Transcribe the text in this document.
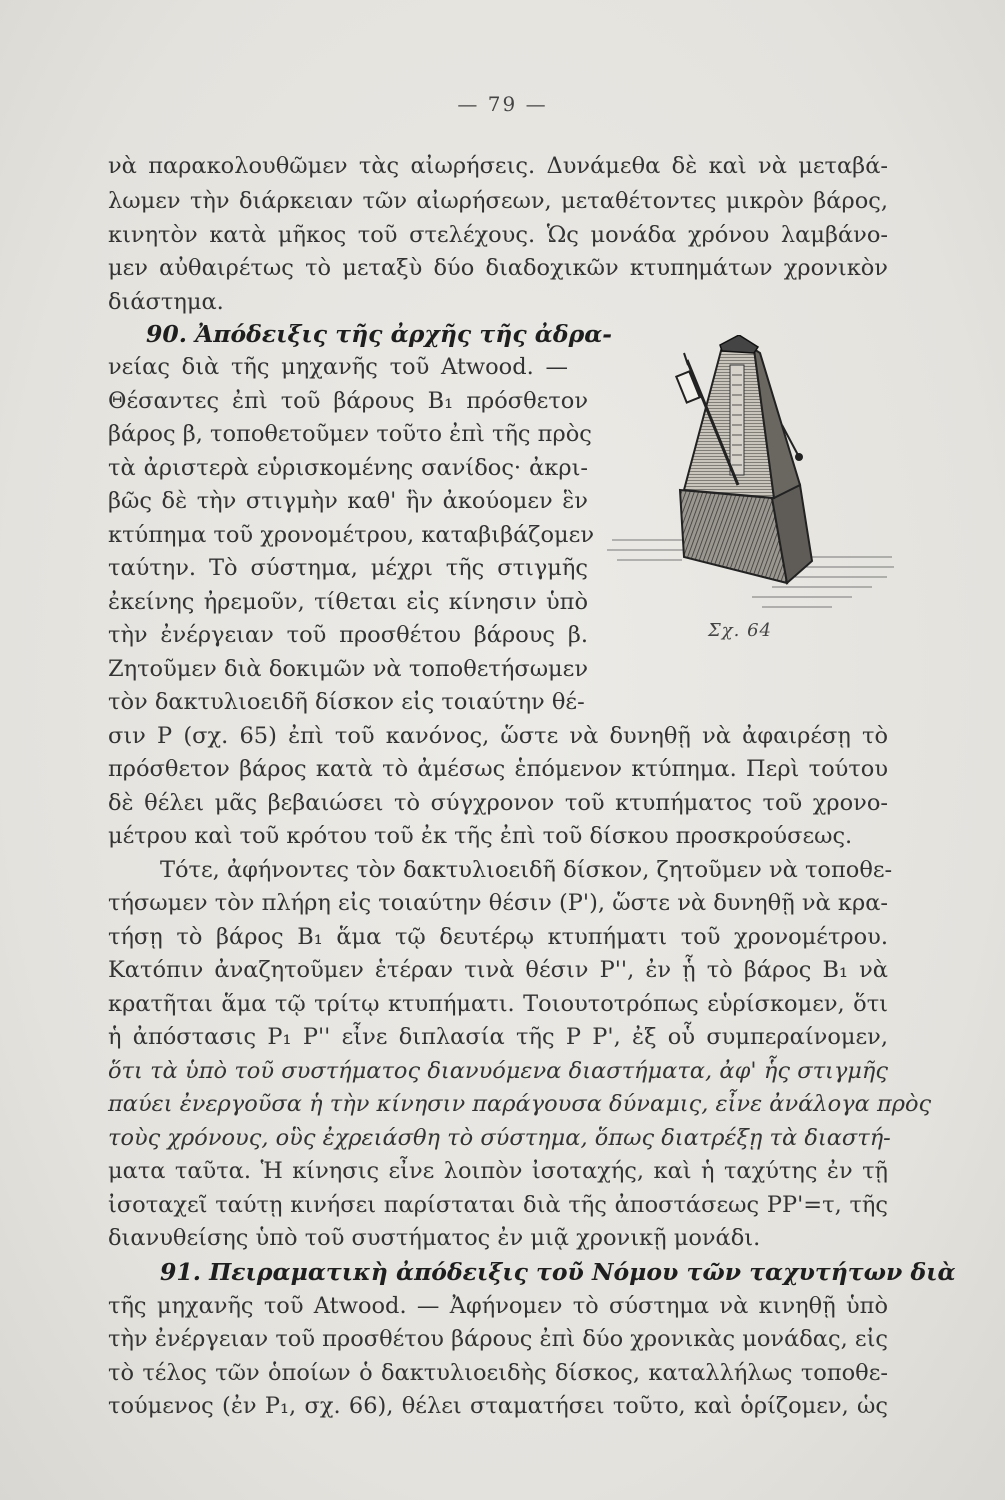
— 79 —
νὰ παρακολουθῶμεν τὰς αἰωρήσεις. Δυνάμεθα δὲ καὶ νὰ μεταβά-
λωμεν τὴν διάρκειαν τῶν αἰωρήσεων, μεταθέτοντες μικρὸν βάρος,
κινητὸν κατὰ μῆκος τοῦ στελέχους. Ὡς μονάδα χρόνου λαμβάνο-
μεν αὐθαιρέτως τὸ μεταξὺ δύο διαδοχικῶν κτυπημάτων χρονικὸν
διάστημα.
90. Ἀπόδειξις τῆς ἀρχῆς τῆς ἀδρα-
νείας διὰ τῆς μηχανῆς τοῦ Atwood. —
Θέσαντες ἐπὶ τοῦ βάρους B₁ πρόσθετον
βάρος β, τοποθετοῦμεν τοῦτο ἐπὶ τῆς πρὸς
τὰ ἀριστερὰ εὑρισκομένης σανίδος· ἀκρι-
βῶς δὲ τὴν στιγμὴν καθ' ἣν ἀκούομεν ἓν
κτύπημα τοῦ χρονομέτρου, καταβιβάζομεν
ταύτην. Τὸ σύστημα, μέχρι τῆς στιγμῆς
ἐκείνης ἠρεμοῦν, τίθεται εἰς κίνησιν ὑπὸ
τὴν ἐνέργειαν τοῦ προσθέτου βάρους β.
Ζητοῦμεν διὰ δοκιμῶν νὰ τοποθετήσωμεν
τὸν δακτυλιοειδῆ δίσκον εἰς τοιαύτην θέ-
σιν P (σχ. 65) ἐπὶ τοῦ κανόνος, ὥστε νὰ δυνηθῇ νὰ ἀφαιρέσῃ τὸ
πρόσθετον βάρος κατὰ τὸ ἀμέσως ἑπόμενον κτύπημα. Περὶ τούτου
δὲ θέλει μᾶς βεβαιώσει τὸ σύγχρονον τοῦ κτυπήματος τοῦ χρονο-
μέτρου καὶ τοῦ κρότου τοῦ ἐκ τῆς ἐπὶ τοῦ δίσκου προσκρούσεως.
Τότε, ἀφήνοντες τὸν δακτυλιοειδῆ δίσκον, ζητοῦμεν νὰ τοποθε-
τήσωμεν τὸν πλήρη εἰς τοιαύτην θέσιν (P'), ὥστε νὰ δυνηθῇ νὰ κρα-
τήσῃ τὸ βάρος B₁ ἅμα τῷ δευτέρῳ κτυπήματι τοῦ χρονομέτρου.
Κατόπιν ἀναζητοῦμεν ἑτέραν τινὰ θέσιν P'', ἐν ᾗ τὸ βάρος B₁ νὰ
κρατῆται ἅμα τῷ τρίτῳ κτυπήματι. Τοιουτοτρόπως εὑρίσκομεν, ὅτι
ἡ ἀπόστασις P₁ P'' εἶνε διπλασία τῆς P P', ἐξ οὗ συμπεραίνομεν,
ὅτι τὰ ὑπὸ τοῦ συστήματος διανυόμενα διαστήματα, ἀφ' ἧς στιγμῆς
παύει ἐνεργοῦσα ἡ τὴν κίνησιν παράγουσα δύναμις, εἶνε ἀνάλογα πρὸς
τοὺς χρόνους, οὓς ἐχρειάσθη τὸ σύστημα, ὅπως διατρέξῃ τὰ διαστή-
ματα ταῦτα. Ἡ κίνησις εἶνε λοιπὸν ἰσοταχής, καὶ ἡ ταχύτης ἐν τῇ
ἰσοταχεῖ ταύτῃ κινήσει παρίσταται διὰ τῆς ἀποστάσεως PP'=τ, τῆς
διανυθείσης ὑπὸ τοῦ συστήματος ἐν μιᾷ χρονικῇ μονάδι.
91. Πειραματικὴ ἀπόδειξις τοῦ Νόμου τῶν ταχυτήτων διὰ
τῆς μηχανῆς τοῦ Atwood. — Ἀφήνομεν τὸ σύστημα νὰ κινηθῇ ὑπὸ
τὴν ἐνέργειαν τοῦ προσθέτου βάρους ἐπὶ δύο χρονικὰς μονάδας, εἰς
τὸ τέλος τῶν ὁποίων ὁ δακτυλιοειδὴς δίσκος, καταλλήλως τοποθε-
τούμενος (ἐν P₁, σχ. 66), θέλει σταματήσει τοῦτο, καὶ ὁρίζομεν, ὡς
Σχ. 64
